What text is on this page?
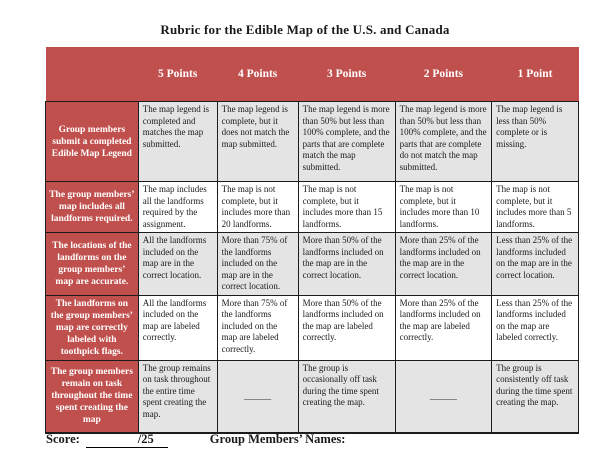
Rubric for the Edible Map of the U.S. and Canada
	5 Points	4 Points	3 Points	2 Points	1 Point
Group members submit a completed Edible Map Legend	The map legend is completed and matches the map submitted.	The map legend is complete, but it does not match the map submitted.	The map legend is more than 50% but less than 100% complete, and the parts that are complete match the map submitted.	The map legend is more than 50% but less than 100% complete, and the parts that are complete do not match the map submitted.	The map legend is less than 50% complete or is missing.
The group members’ map includes all landforms required.	The map includes all the landforms required by the assignment.	The map is not complete, but it includes more than 20 landforms.	The map is not complete, but it includes more than 15 landforms.	The map is not complete, but it includes more than 10 landforms.	The map is not complete, but it includes more than 5 landforms.
The locations of the landforms on the group members’ map are accurate.	All the landforms included on the map are in the correct location.	More than 75% of the landforms included on the map are in the correct location.	More than 50% of the landforms included on the map are in the correct location.	More than 25% of the landforms included on the map are in the correct location.	Less than 25% of the landforms included on the map are in the correct location.
The landforms on the group members’ map are correctly labeled with toothpick flags.	All the landforms included on the map are labeled correctly.	More than 75% of the landforms included on the map are labeled correctly.	More than 50% of the landforms included on the map are labeled correctly.	More than 25% of the landforms included on the map are labeled correctly.	Less than 25% of the landforms included on the map are labeled correctly.
The group members remain on task throughout the time spent creating the map	The group remains on task throughout the entire time spent creating the map.	______	The group is occasionally off task during the time spent creating the map.	______	The group is consistently off task during the time spent creating the map.
Score:	/25	Group Members’ Names:
